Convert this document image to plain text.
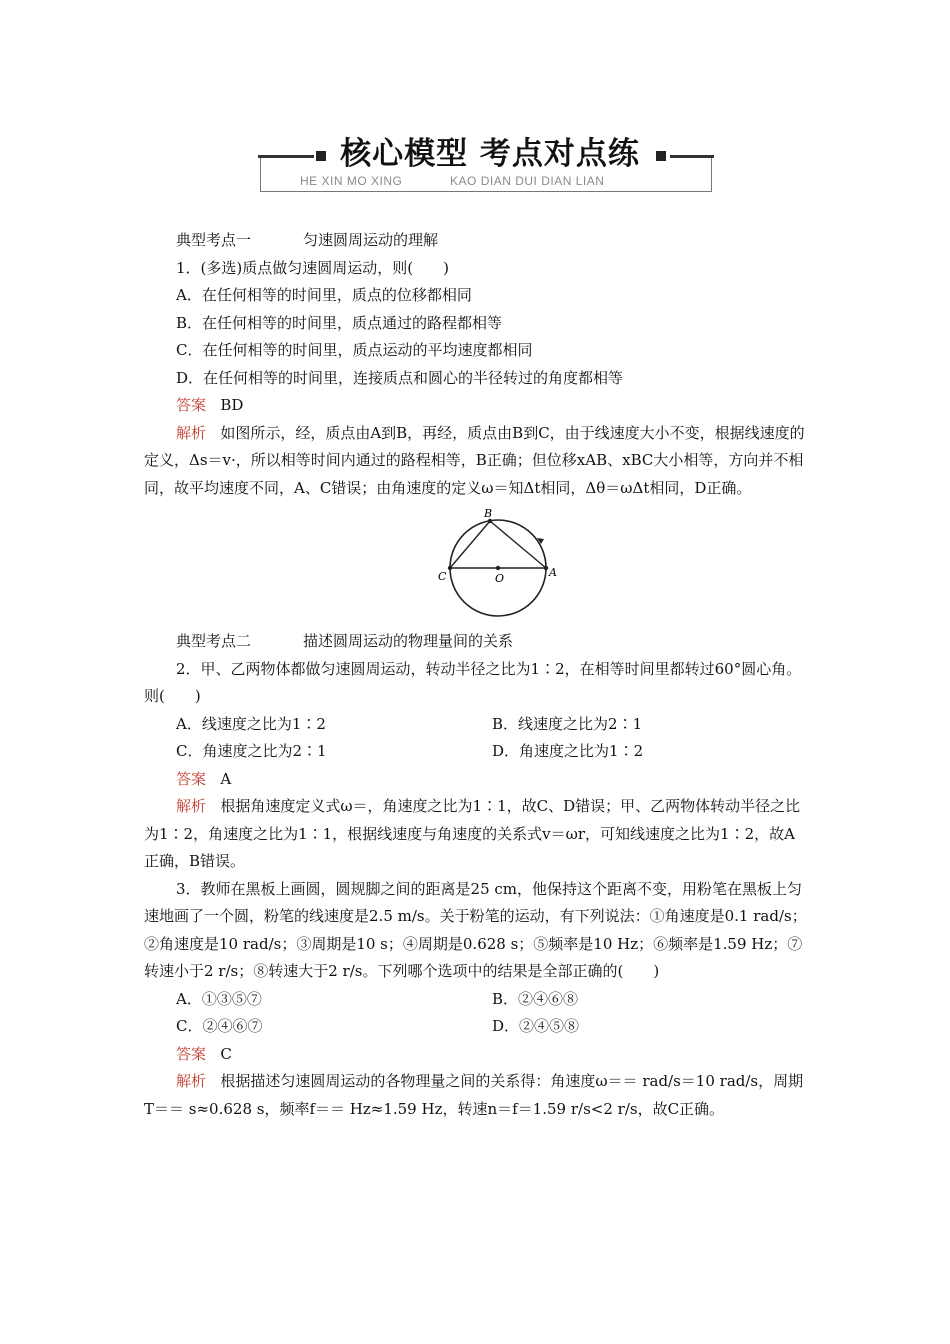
核心模型 考点对点练
HE XIN MO XING	KAO DIAN DUI DIAN LIAN

典型考点一	匀速圆周运动的理解

1．(多选)质点做匀速圆周运动，则(　　)

A．在任何相等的时间里，质点的位移都相同

B．在任何相等的时间里，质点通过的路程都相等

C．在任何相等的时间里，质点运动的平均速度都相同

D．在任何相等的时间里，连接质点和圆心的半径转过的角度都相等

答案 BD

解析 如图所示，经，质点由A到B，再经，质点由B到C，由于线速度大小不变，根据线速度的定义，Δs＝v·，所以相等时间内通过的路程相等，B正确；但位移xAB、xBC大小相等，方向并不相同，故平均速度不同，A、C错误；由角速度的定义ω＝知Δt相同，Δθ＝ωΔt相同，D正确。

B
C	O	A

典型考点二	描述圆周运动的物理量间的关系

2．甲、乙两物体都做匀速圆周运动，转动半径之比为1∶2，在相等时间里都转过60°圆心角。则(　　)

A．线速度之比为1∶2	B．线速度之比为2∶1
C．角速度之比为2∶1	D．角速度之比为1∶2

答案 A

解析 根据角速度定义式ω＝，角速度之比为1∶1，故C、D错误；甲、乙两物体转动半径之比为1∶2，角速度之比为1∶1，根据线速度与角速度的关系式v＝ωr，可知线速度之比为1∶2，故A正确，B错误。

3．教师在黑板上画圆，圆规脚之间的距离是25 cm，他保持这个距离不变，用粉笔在黑板上匀速地画了一个圆，粉笔的线速度是2.5 m/s。关于粉笔的运动，有下列说法：①角速度是0.1 rad/s；②角速度是10 rad/s；③周期是10 s；④周期是0.628 s；⑤频率是10 Hz；⑥频率是1.59 Hz；⑦转速小于2 r/s；⑧转速大于2 r/s。下列哪个选项中的结果是全部正确的(　　)

A．①③⑤⑦	B．②④⑥⑧
C．②④⑥⑦	D．②④⑤⑧

答案 C

解析 根据描述匀速圆周运动的各物理量之间的关系得：角速度ω＝＝ rad/s＝10 rad/s，周期T＝＝ s≈0.628 s，频率f＝＝ Hz≈1.59 Hz，转速n＝f＝1.59 r/s<2 r/s，故C正确。
